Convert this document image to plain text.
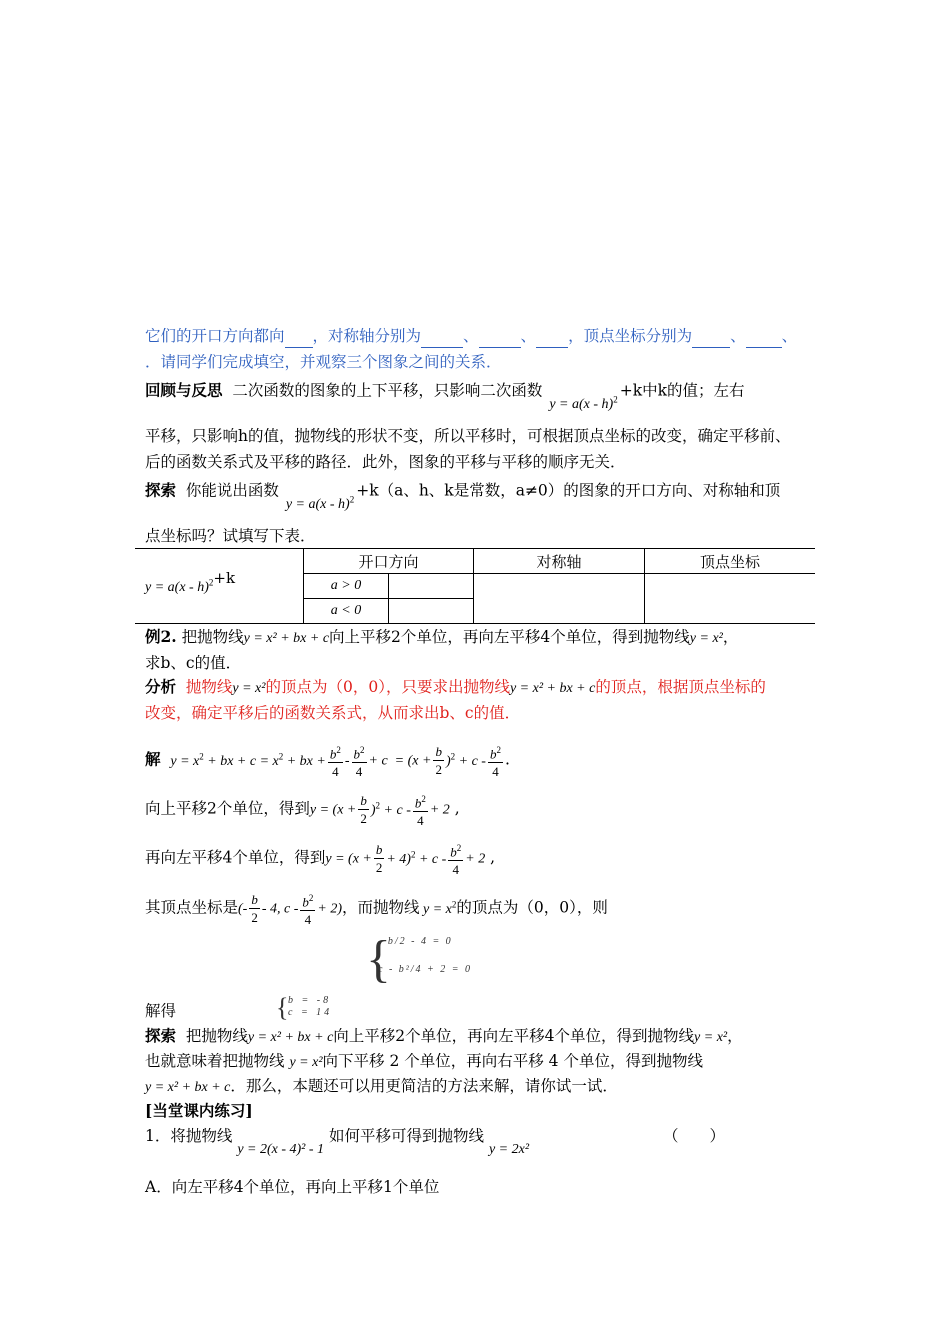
它们的开口方向都向 ，对称轴分别为	、	、 ，顶点坐标分别为 、 、
．请同学们完成填空，并观察三个图象之间的关系．
回顾与反思 二次函数的图象的上下平移，只影响二次函数 y = a(x - h)$^2$ +k中k的值；左右
平移，只影响h的值，抛物线的形状不变，所以平移时，可根据顶点坐标的改变，确定平移前、
后的函数关系式及平移的路径．此外，图象的平移与平移的顺序无关．
探索 你能说出函数 y = a(x - h)$^2$ +k（a、h、k是常数，a≠0）的图象的开口方向、对称轴和顶
点坐标吗？试填写下表．
y = a(x - h)$^2$+k	开口方向		对称轴	顶点坐标
	a > 0			
	a < 0			
例2. 把抛物线y = x² + bx + c向上平移2个单位，再向左平移4个单位，得到抛物线y = x²，
求b、c的值．
分析 抛物线y = x²的顶点为（0，0），只要求出抛物线y = x² + bx + c的顶点，根据顶点坐标的
改变，确定平移后的函数关系式，从而求出b、c的值．
解 $y = x^2$ + bx + $c = x^2$ + bx + $\frac{b^2}{4} - \frac{b^2}{4} + c = (x + \frac{b}{2} )^2 + c - \frac{b^2}{4}$ .
向上平移2个单位，得到$y = (x + \frac{b}{2} )^2 + c - \frac{b^2}{4} + 2$ ,
再向左平移4个单位，得到$y = (x + \frac{b}{2} + 4)^2 + c - \frac{b^2}{4} + 2$ ,
其顶点坐标是(- $\frac{b}{2} - 4$, $c - \frac{b^2}{4} + 2$)，而抛物线 $y = x^2$的顶点为（0，0），则
{
- b/2 - 4 = 0
c - b²/4 + 2 = 0
解得	{ b = -8
c = 14
探索 把抛物线y = x² + bx + c向上平移2个单位，再向左平移4个单位，得到抛物线y = x²，
也就意味着把抛物线 y = x²向下平移 2 个单位，再向右平移 4 个单位，得到抛物线
y = x² + bx + c．那么，本题还可以用更简洁的方法来解，请你试一试．
[当堂课内练习]
1．将抛物线 y = 2(x - 4)² - 1 如何平移可得到抛物线 y = 2x²
（　　）
A．向左平移4个单位，再向上平移1个单位
